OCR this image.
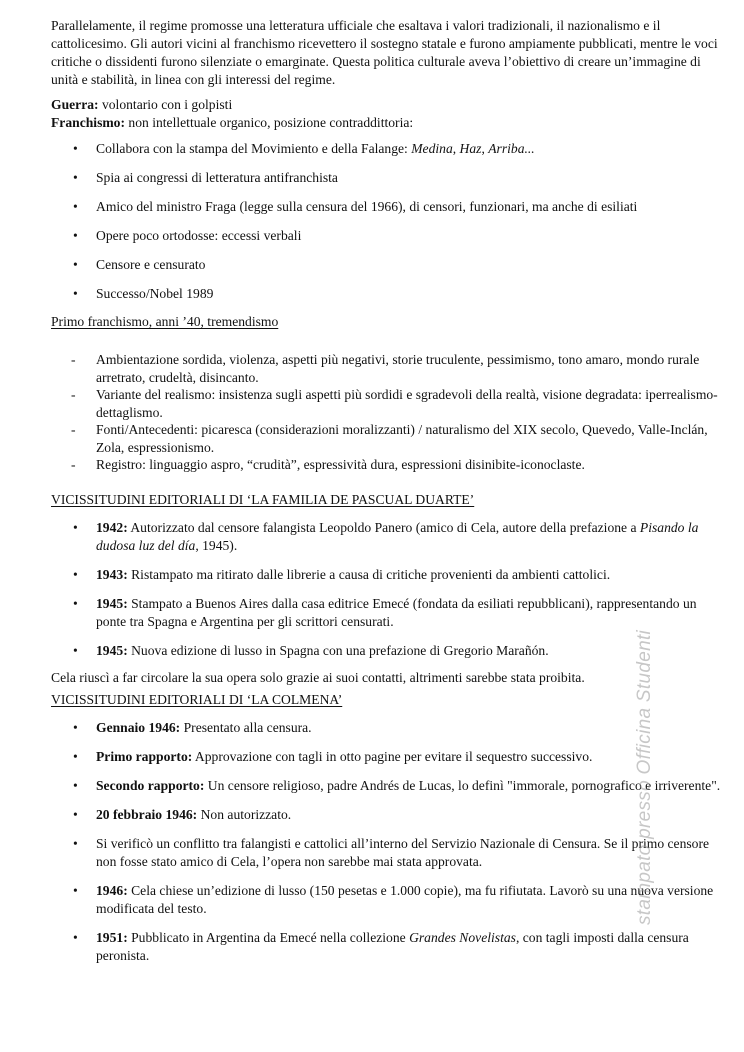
Parallelamente, il regime promosse una letteratura ufficiale che esaltava i valori tradizionali, il nazionalismo e il cattolicesimo. Gli autori vicini al franchismo ricevettero il sostegno statale e furono ampiamente pubblicati, mentre le voci critiche o dissidenti furono silenziate o emarginate. Questa politica culturale aveva l’obiettivo di creare un’immagine di unità e stabilità, in linea con gli interessi del regime.

Guerra: volontario con i golpisti

Franchismo: non intellettuale organico, posizione contraddittoria:

• Collabora con la stampa del Movimiento e della Falange: Medina, Haz, Arriba...
• Spia ai congressi di letteratura antifranchista
• Amico del ministro Fraga (legge sulla censura del 1966), di censori, funzionari, ma anche di esiliati
• Opere poco ortodosse: eccessi verbali
• Censore e censurato
• Successo/Nobel 1989

Primo franchismo, anni ’40, tremendismo

- Ambientazione sordida, violenza, aspetti più negativi, storie truculente, pessimismo, tono amaro, mondo rurale arretrato, crudeltà, disincanto.
- Variante del realismo: insistenza sugli aspetti più sordidi e sgradevoli della realtà, visione degradata: iperrealismo-dettaglismo.
- Fonti/Antecedenti: picaresca (considerazioni moralizzanti) / naturalismo del XIX secolo, Quevedo, Valle-Inclán, Zola, espressionismo.
- Registro: linguaggio aspro, “crudità”, espressività dura, espressioni disinibite-iconoclaste.

VICISSITUDINI EDITORIALI DI ‘LA FAMILIA DE PASCUAL DUARTE’

• 1942: Autorizzato dal censore falangista Leopoldo Panero (amico di Cela, autore della prefazione a Pisando la dudosa luz del día, 1945).
• 1943: Ristampato ma ritirato dalle librerie a causa di critiche provenienti da ambienti cattolici.
• 1945: Stampato a Buenos Aires dalla casa editrice Emecé (fondata da esiliati repubblicani), rappresentando un ponte tra Spagna e Argentina per gli scrittori censurati.
• 1945: Nuova edizione di lusso in Spagna con una prefazione di Gregorio Marañón.

Cela riuscì a far circolare la sua opera solo grazie ai suoi contatti, altrimenti sarebbe stata proibita.

VICISSITUDINI EDITORIALI DI ‘LA COLMENA’

• Gennaio 1946: Presentato alla censura.
• Primo rapporto: Approvazione con tagli in otto pagine per evitare il sequestro successivo.
• Secondo rapporto: Un censore religioso, padre Andrés de Lucas, lo definì "immorale, pornografico e irriverente".
• 20 febbraio 1946: Non autorizzato.
• Si verificò un conflitto tra falangisti e cattolici all’interno del Servizio Nazionale di Censura. Se il primo censore non fosse stato amico di Cela, l’opera non sarebbe mai stata approvata.
• 1946: Cela chiese un’edizione di lusso (150 pesetas e 1.000 copie), ma fu rifiutata. Lavorò su una nuova versione modificata del testo.
• 1951: Pubblicato in Argentina da Emecé nella collezione Grandes Novelistas, con tagli imposti dalla censura peronista.
stampato presso Officina Studenti
